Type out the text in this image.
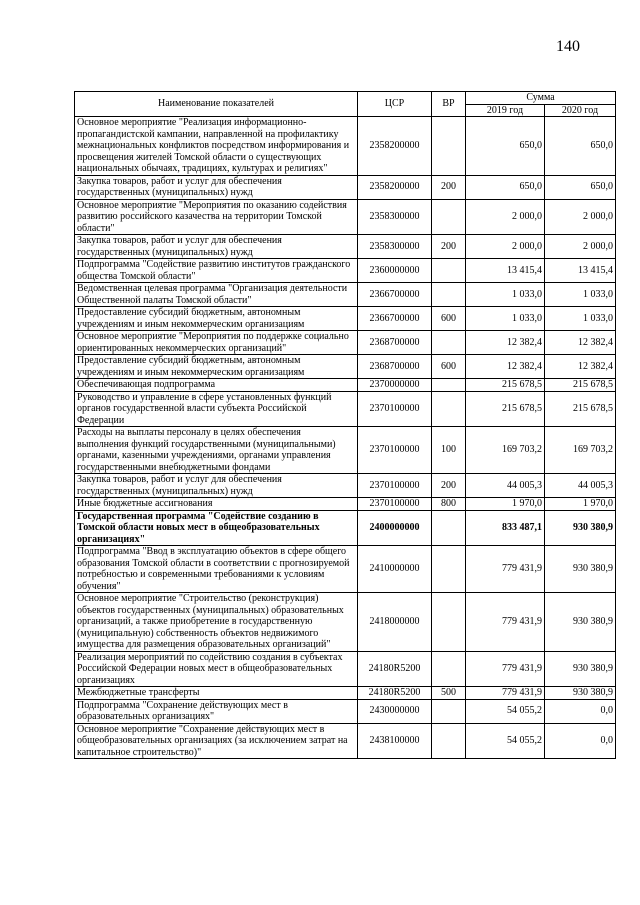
140
Наименование показателей	ЦСР	ВР	Сумма	
			2019 год	2020 год
Основное мероприятие "Реализация информационно-пропагандистской кампании, направленной на профилактику межнациональных конфликтов посредством информирования и просвещения жителей Томской области о существующих национальных обычаях, традициях, культурах и религиях"	2358200000		650,0	650,0
Закупка товаров, работ и услуг для обеспечения государственных (муниципальных) нужд	2358200000	200	650,0	650,0
Основное мероприятие "Мероприятия по оказанию содействия развитию российского казачества на территории Томской области"	2358300000		2 000,0	2 000,0
Закупка товаров, работ и услуг для обеспечения государственных (муниципальных) нужд	2358300000	200	2 000,0	2 000,0
Подпрограмма "Содействие развитию институтов гражданского общества Томской области"	2360000000		13 415,4	13 415,4
Ведомственная целевая программа "Организация деятельности Общественной палаты Томской области"	2366700000		1 033,0	1 033,0
Предоставление субсидий бюджетным, автономным учреждениям и иным некоммерческим организациям	2366700000	600	1 033,0	1 033,0
Основное мероприятие "Мероприятия по поддержке социально ориентированных некоммерческих организаций"	2368700000		12 382,4	12 382,4
Предоставление субсидий бюджетным, автономным учреждениям и иным некоммерческим организациям	2368700000	600	12 382,4	12 382,4
Обеспечивающая подпрограмма	2370000000		215 678,5	215 678,5
Руководство и управление в сфере установленных функций органов государственной власти субъекта Российской Федерации	2370100000		215 678,5	215 678,5
Расходы на выплаты персоналу в целях обеспечения выполнения функций государственными (муниципальными) органами, казенными учреждениями, органами управления государственными внебюджетными фондами	2370100000	100	169 703,2	169 703,2
Закупка товаров, работ и услуг для обеспечения государственных (муниципальных) нужд	2370100000	200	44 005,3	44 005,3
Иные бюджетные ассигнования	2370100000	800	1 970,0	1 970,0
Государственная программа "Содействие созданию в Томской области новых мест в общеобразовательных организациях"	2400000000		833 487,1	930 380,9
Подпрограмма "Ввод в эксплуатацию объектов в сфере общего образования Томской области в соответствии с прогнозируемой потребностью и современными требованиями к условиям обучения"	2410000000		779 431,9	930 380,9
Основное мероприятие "Строительство (реконструкция) объектов государственных (муниципальных) образовательных организаций, а также приобретение в государственную (муниципальную) собственность объектов недвижимого имущества для размещения образовательных организаций"	2418000000		779 431,9	930 380,9
Реализация мероприятий по содействию создания в субъектах Российской Федерации новых мест в общеобразовательных организациях	24180R5200		779 431,9	930 380,9
Межбюджетные трансферты	24180R5200	500	779 431,9	930 380,9
Подпрограмма "Сохранение действующих мест в образовательных организациях"	2430000000		54 055,2	0,0
Основное мероприятие "Сохранение действующих мест в общеобразовательных организациях (за исключением затрат на капитальное строительство)"	2438100000		54 055,2	0,0
